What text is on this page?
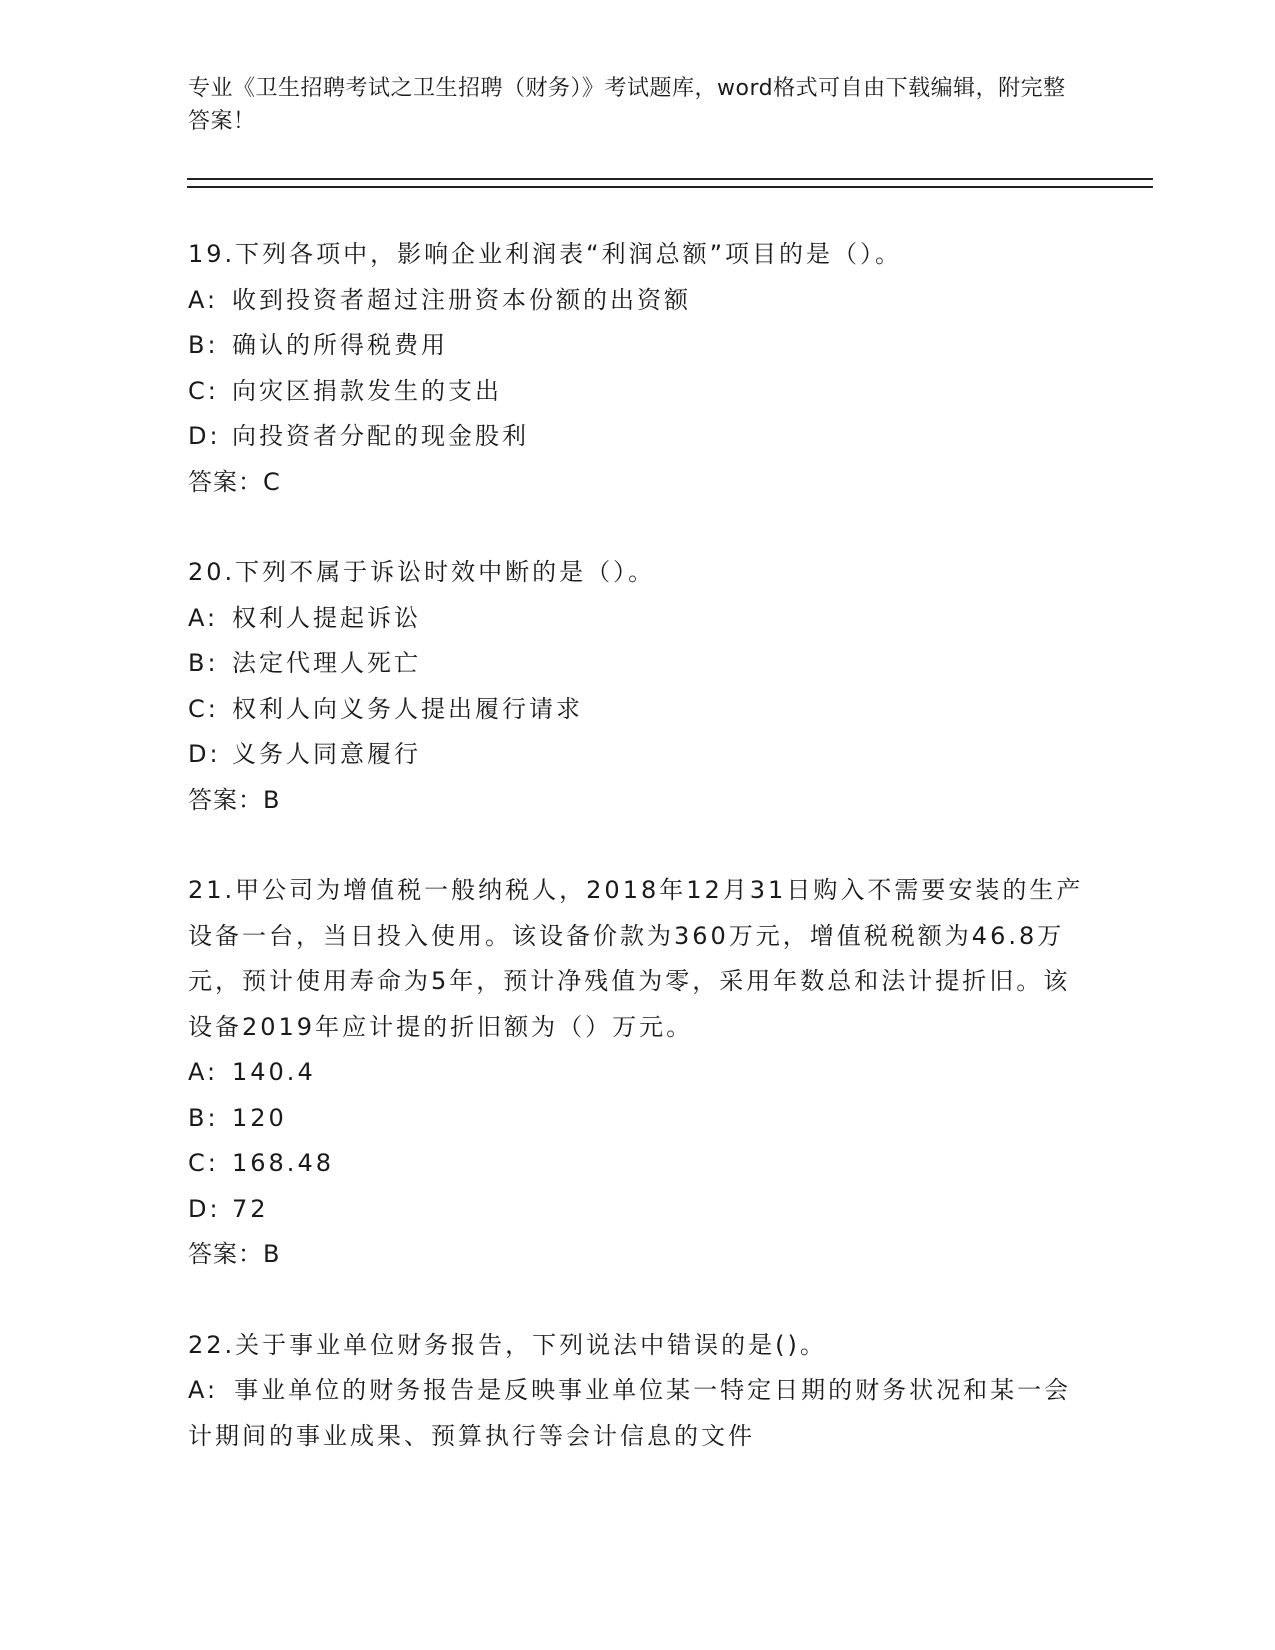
专业《卫生招聘考试之卫生招聘（财务）》考试题库，word格式可自由下载编辑，附完整答案！
19.下列各项中，影响企业利润表“利润总额”项目的是（）。
A: 收到投资者超过注册资本份额的出资额
B: 确认的所得税费用
C: 向灾区捐款发生的支出
D: 向投资者分配的现金股利
答案：C
20.下列不属于诉讼时效中断的是（）。
A: 权利人提起诉讼
B: 法定代理人死亡
C: 权利人向义务人提出履行请求
D: 义务人同意履行
答案：B
21.甲公司为增值税一般纳税人，2018年12月31日购入不需要安装的生产设备一台，当日投入使用。该设备价款为360万元，增值税税额为46.8万元，预计使用寿命为5年，预计净残值为零，采用年数总和法计提折旧。该设备2019年应计提的折旧额为（）万元。
A: 140.4
B: 120
C: 168.48
D: 72
答案：B
22.关于事业单位财务报告，下列说法中错误的是()。
A: 事业单位的财务报告是反映事业单位某一特定日期的财务状况和某一会计期间的事业成果、预算执行等会计信息的文件
